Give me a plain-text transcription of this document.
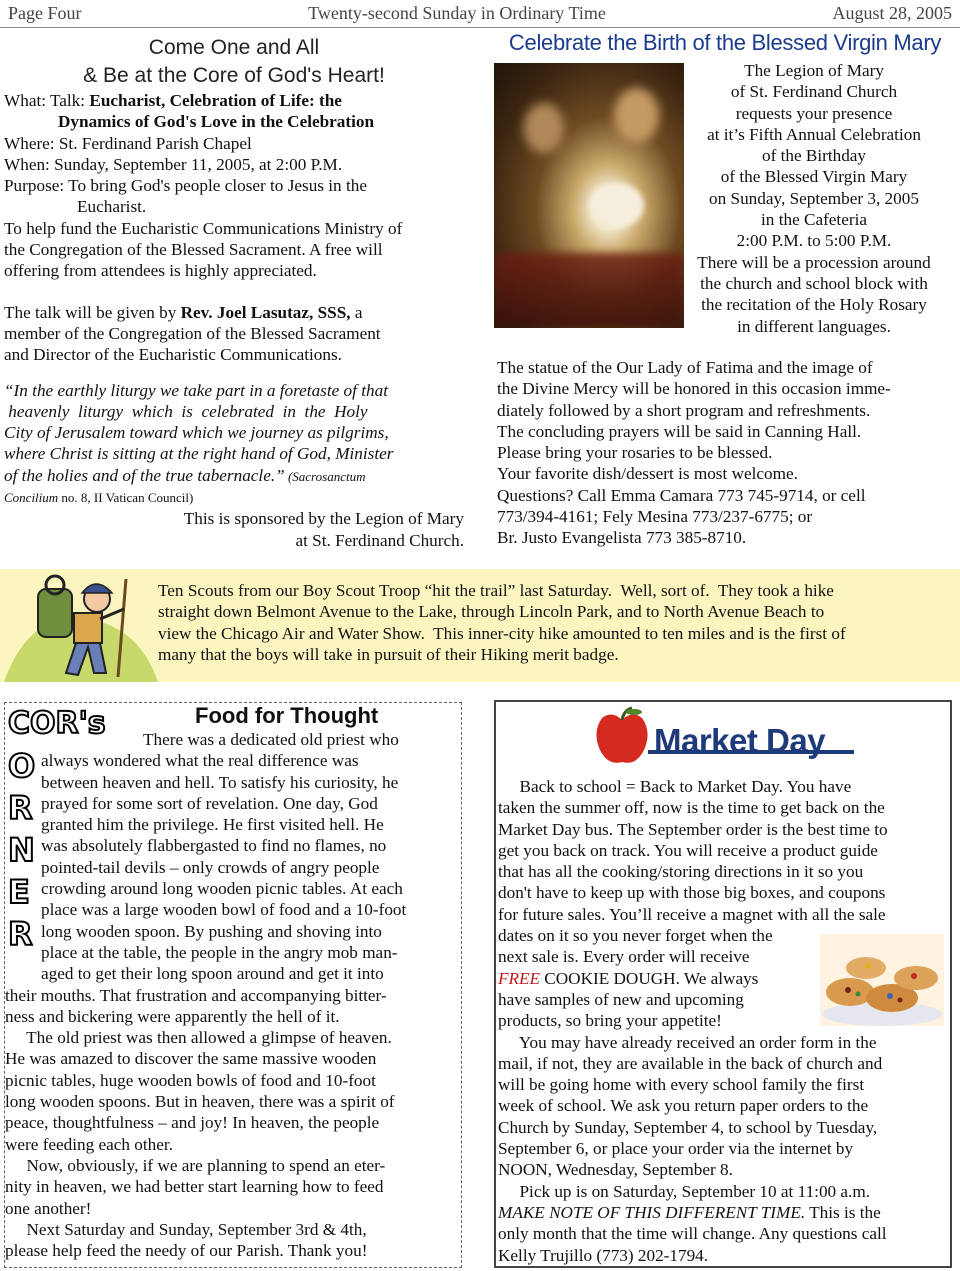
Page Four	Twenty-second Sunday in Ordinary Time	August 28, 2005
Come One and All
& Be at the Core of God's Heart!
What: Talk: Eucharist, Celebration of Life: the
Dynamics of God's Love in the Celebration
Where: St. Ferdinand Parish Chapel
When: Sunday, September 11, 2005, at 2:00 P.M.
Purpose: To bring God's people closer to Jesus in the
Eucharist.
To help fund the Eucharistic Communications Ministry of
the Congregation of the Blessed Sacrament. A free will
offering from attendees is highly appreciated.
The talk will be given by Rev. Joel Lasutaz, SSS, a
member of the Congregation of the Blessed Sacrament
and Director of the Eucharistic Communications.
“In the earthly liturgy we take part in a foretaste of that
heavenly  liturgy  which  is  celebrated  in  the  Holy
City of Jerusalem toward which we journey as pilgrims,
where Christ is sitting at the right hand of God, Minister
of the holies and of the true tabernacle.” (Sacrosanctum
Concilium no. 8, II Vatican Council)
This is sponsored by the Legion of Mary
at St. Ferdinand Church.
Celebrate the Birth of the Blessed Virgin Mary
The Legion of Mary
of St. Ferdinand Church
requests your presence
at it’s Fifth Annual Celebration
of the Birthday
of the Blessed Virgin Mary
on Sunday, September 3, 2005
in the Cafeteria
2:00 P.M. to 5:00 P.M.
There will be a procession around
the church and school block with
the recitation of the Holy Rosary
in different languages.
The statue of the Our Lady of Fatima and the image of
the Divine Mercy will be honored in this occasion imme-
diately followed by a short program and refreshments.
The concluding prayers will be said in Canning Hall.
Please bring your rosaries to be blessed.
Your favorite dish/dessert is most welcome.
Questions? Call Emma Camara 773 745-9714, or cell
773/394-4161; Fely Mesina 773/237-6775; or
Br. Justo Evangelista 773 385-8710.
Ten Scouts from our Boy Scout Troop “hit the trail” last Saturday.  Well, sort of.  They took a hike
straight down Belmont Avenue to the Lake, through Lincoln Park, and to North Avenue Beach to
view the Chicago Air and Water Show.  This inner-city hike amounted to ten miles and is the first of
many that the boys will take in pursuit of their Hiking merit badge.
COR's
O
R
N
E
R
Food for Thought
There was a dedicated old priest who
always wondered what the real difference was
between heaven and hell. To satisfy his curiosity, he
prayed for some sort of revelation. One day, God
granted him the privilege. He first visited hell. He
was absolutely flabbergasted to find no flames, no
pointed-tail devils – only crowds of angry people
crowding around long wooden picnic tables. At each
place was a large wooden bowl of food and a 10-foot
long wooden spoon. By pushing and shoving into
place at the table, the people in the angry mob man-
aged to get their long spoon around and get it into
their mouths. That frustration and accompanying bitter-
ness and bickering were apparently the hell of it.
The old priest was then allowed a glimpse of heaven.
He was amazed to discover the same massive wooden
picnic tables, huge wooden bowls of food and 10-foot
long wooden spoons. But in heaven, there was a spirit of
peace, thoughtfulness – and joy! In heaven, the people
were feeding each other.
Now, obviously, if we are planning to spend an eter-
nity in heaven, we had better start learning how to feed
one another!
Next Saturday and Sunday, September 3rd & 4th,
please help feed the needy of our Parish. Thank you!
Market Day
Back to school = Back to Market Day. You have
taken the summer off, now is the time to get back on the
Market Day bus. The September order is the best time to
get you back on track. You will receive a product guide
that has all the cooking/storing directions in it so you
don't have to keep up with those big boxes, and coupons
for future sales. You’ll receive a magnet with all the sale
dates on it so you never forget when the
next sale is. Every order will receive
FREE COOKIE DOUGH. We always
have samples of new and upcoming
products, so bring your appetite!
You may have already received an order form in the
mail, if not, they are available in the back of church and
will be going home with every school family the first
week of school. We ask you return paper orders to the
Church by Sunday, September 4, to school by Tuesday,
September 6, or place your order via the internet by
NOON, Wednesday, September 8.
Pick up is on Saturday, September 10 at 11:00 a.m.
MAKE NOTE OF THIS DIFFERENT TIME. This is the
only month that the time will change. Any questions call
Kelly Trujillo (773) 202-1794.
